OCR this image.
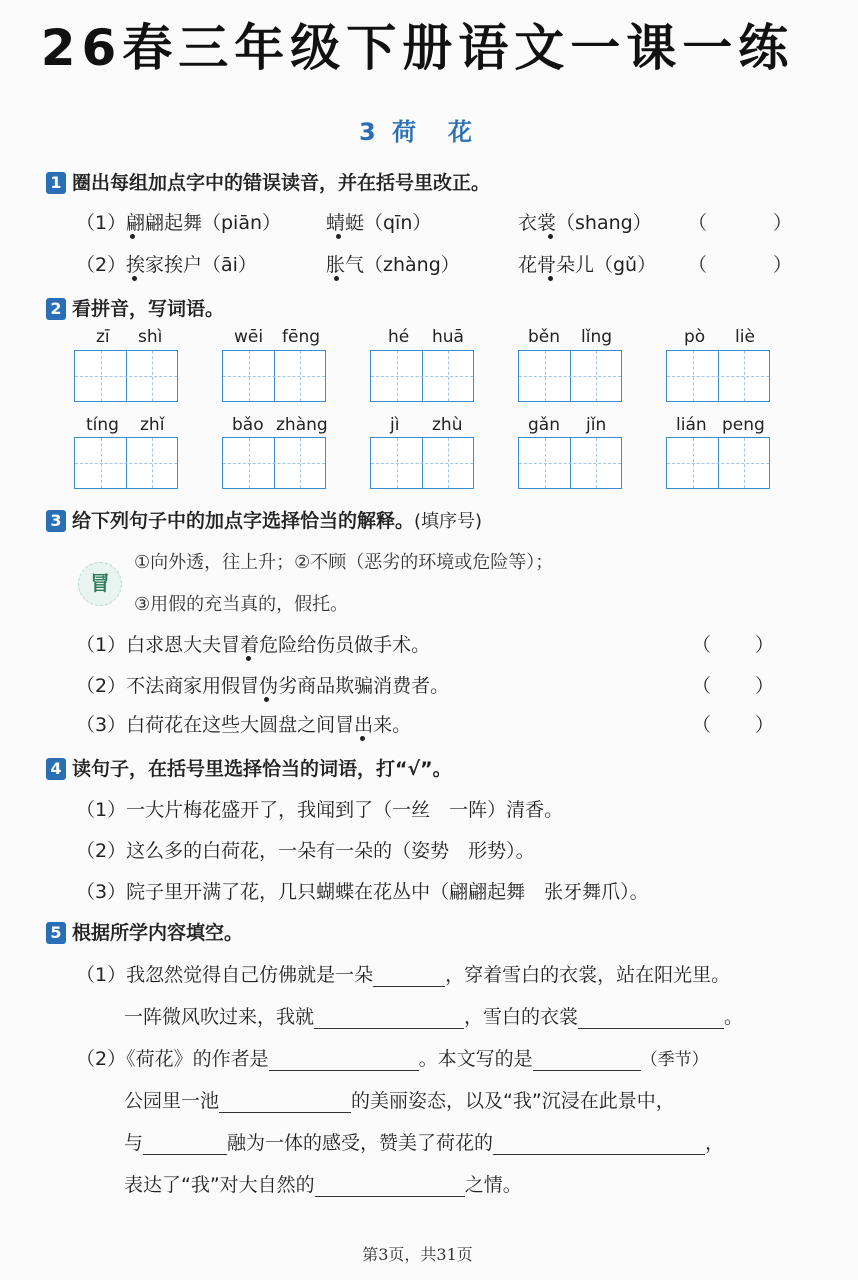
26春三年级下册语文一课一练
3 荷　花
1 圈出每组加点字中的错误读音，并在括号里改正。
（1） 翩翩起舞（piān） 蜻蜓（qīn）	衣裳（shang） （）
（2） 挨家挨户（āi）	胀气（zhàng）	花骨朵儿（gǔ） （）
2 看拼音，写词语。
zī shì	wēi fēng	hé huā	běn lǐng	pò liè
tíng zhǐ	bǎo zhàng	jì zhù	gǎn jǐn	lián peng
3 给下列句子中的加点字选择恰当的解释。(填序号)
冒
①向外透，往上升；②不顾（恶劣的环境或危险等）；
③用假的充当真的，假托。
（1）白求恩大夫冒着危险给伤员做手术。	（）
（2）不法商家用假冒伪劣商品欺骗消费者。	（）
（3）白荷花在这些大圆盘之间冒出来。	（）
4 读句子，在括号里选择恰当的词语，打“√”。
（1）一大片梅花盛开了，我闻到了（一丝　一阵）清香。
（2）这么多的白荷花，一朵有一朵的（姿势　形势）。
（3）院子里开满了花，几只蝴蝶在花丛中（翩翩起舞　张牙舞爪）。
5 根据所学内容填空。
（1）我忽然觉得自己仿佛就是一朵	，穿着雪白的衣裳，站在阳光里。
一阵微风吹过来，我就	，雪白的衣裳	。
（2）《荷花》的作者是	。本文写的是	（季节）
公园里一池	的美丽姿态，以及“我”沉浸在此景中，
与	融为一体的感受，赞美了荷花的	，
表达了“我”对大自然的	之情。
第3页，共31页
